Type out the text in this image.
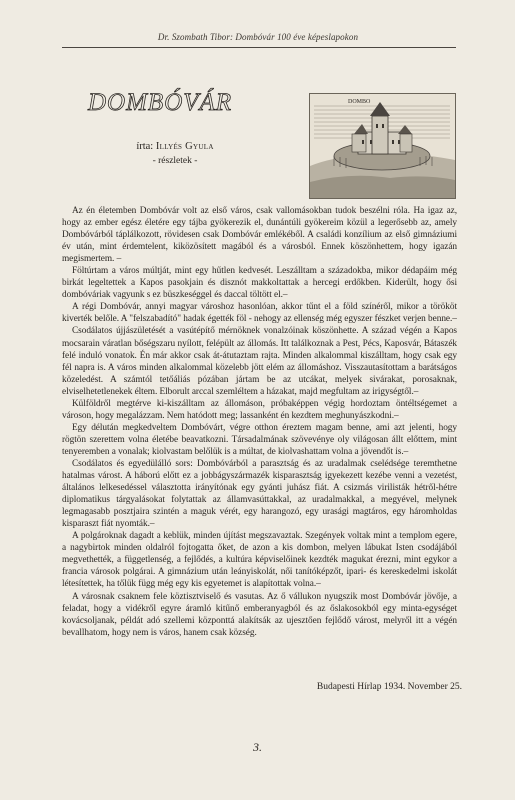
Dr. Szombath Tibor: Dombóvár 100 éve képeslapokon
DOMBÓVÁR
írta: Illyés Gyula
- részletek -
DOMBO

Az én életemben Dombóvár volt az első város, csak vallomásokban tudok beszélni róla. Ha igaz az, hogy az ember egész életére egy tájba gyökerezik el, dunántúli gyökereim közül a legerősebb az, amely Dombóvárból táplálkozott, rövidesen csak Dombóvár emlékéből. A családi konzílium az első gimnáziumi év után, mint érdemtelent, kiközösített magából és a városból. Ennek köszönhettem, hogy igazán megismertem. –

Föltúrtam a város múltját, mint egy hűtlen kedvesét. Leszálltam a századokba, mikor dédapáim még birkát legeltettek a Kapos pasokjain és disznót makkoltattak a hercegi erdőkben. Kiderült, hogy ősi dombóváriak vagyunk s ez büszkeséggel és daccal töltött el.–

A régi Dombóvár, annyi magyar városhoz hasonlóan, akkor tűnt el a föld színéről, mikor a törököt kiverték belőle. A "felszabadító" hadak égették föl - nehogy az ellenség még egyszer fészket verjen benne.–

Csodálatos újjászületését a vasútépítő mérnöknek vonalzóinak köszönhette. A század végén a Kapos mocsarain váratlan bőségszaru nyílott, felépült az állomás. Itt találkoznak a Pest, Pécs, Kaposvár, Bátaszék felé induló vonatok. Én már akkor csak át-átutaztam rajta. Minden alkalommal kiszálltam, hogy csak egy fél napra is. A város minden alkalommal közelebb jött elém az állomáshoz. Visszautasítottam a barátságos közeledést. A számtól tetőáliás pózában jártam be az utcákat, melyek sivárakat, porosaknak, elviselhetetlenekek éltem. Elborult arccal szemléltem a házakat, majd megfultam az irigységtől.–

Külföldről megtérve ki-kiszálltam az állomáson, próbaképpen végig hordoztam öntéltségemet a városon, hogy megalázzam. Nem hatódott meg; lassanként én kezdtem meghunyászkodni.–

Egy délután megkedveltem Dombóvárt, végre otthon éreztem magam benne, ami azt jelenti, hogy rögtön szerettem volna életébe beavatkozni. Társadalmának szövevénye oly világosan állt előttem, mint tenyeremben a vonalak; kiolvastam belőlük is a múltat, de kiolvashattam volna a jövendőt is.–

Csodálatos és egyedülálló sors: Dombóvárból a parasztság és az uradalmak cselédsége teremthetne hatalmas várost. A háború előtt ez a jobbágyszármazék kisparasztság igyekezett kezébe venni a vezetést, általános lelkesedéssel választotta irányítónak egy gyánti juhász fiát. A csizmás virilisták hétről-hétre diplomatikus tárgyalásokat folytattak az államvasúttakkal, az uradalmakkal, a megyével, melynek legmagasabb posztjaira szintén a maguk vérét, egy harangozó, egy urasági magtáros, egy háromholdas kisparaszt fiát nyomták.–

A polgároknak dagadt a keblük, minden újítást megszavaztak. Szegények voltak mint a templom egere, a nagybirtok minden oldalról fojtogatta őket, de azon a kis dombon, melyen lábukat Isten csodájából megvethették, a függetlenség, a fejlődés, a kultúra képviselőinek kezdték magukat érezni, mint egykor a francia városok polgárai. A gimnázium után leányiskolát, női tanítóképzőt, ipari- és kereskedelmi iskolát létesítettek, ha tőlük függ még egy kis egyetemet is alapítottak volna.–

A városnak csaknem fele köztisztviselő és vasutas. Az ő vállukon nyugszik most Dombóvár jövője, a feladat, hogy a vidékről egyre áramló kitűnő emberanyagból és az őslakosokból egy minta-egységet kovácsoljanak, példát adó szellemi központtá alakítsák az ujesztően fejlődő várost, melyről itt a végén bevallhatom, hogy nem is város, hanem csak község.

Budapesti Hírlap 1934. November 25.
3.
